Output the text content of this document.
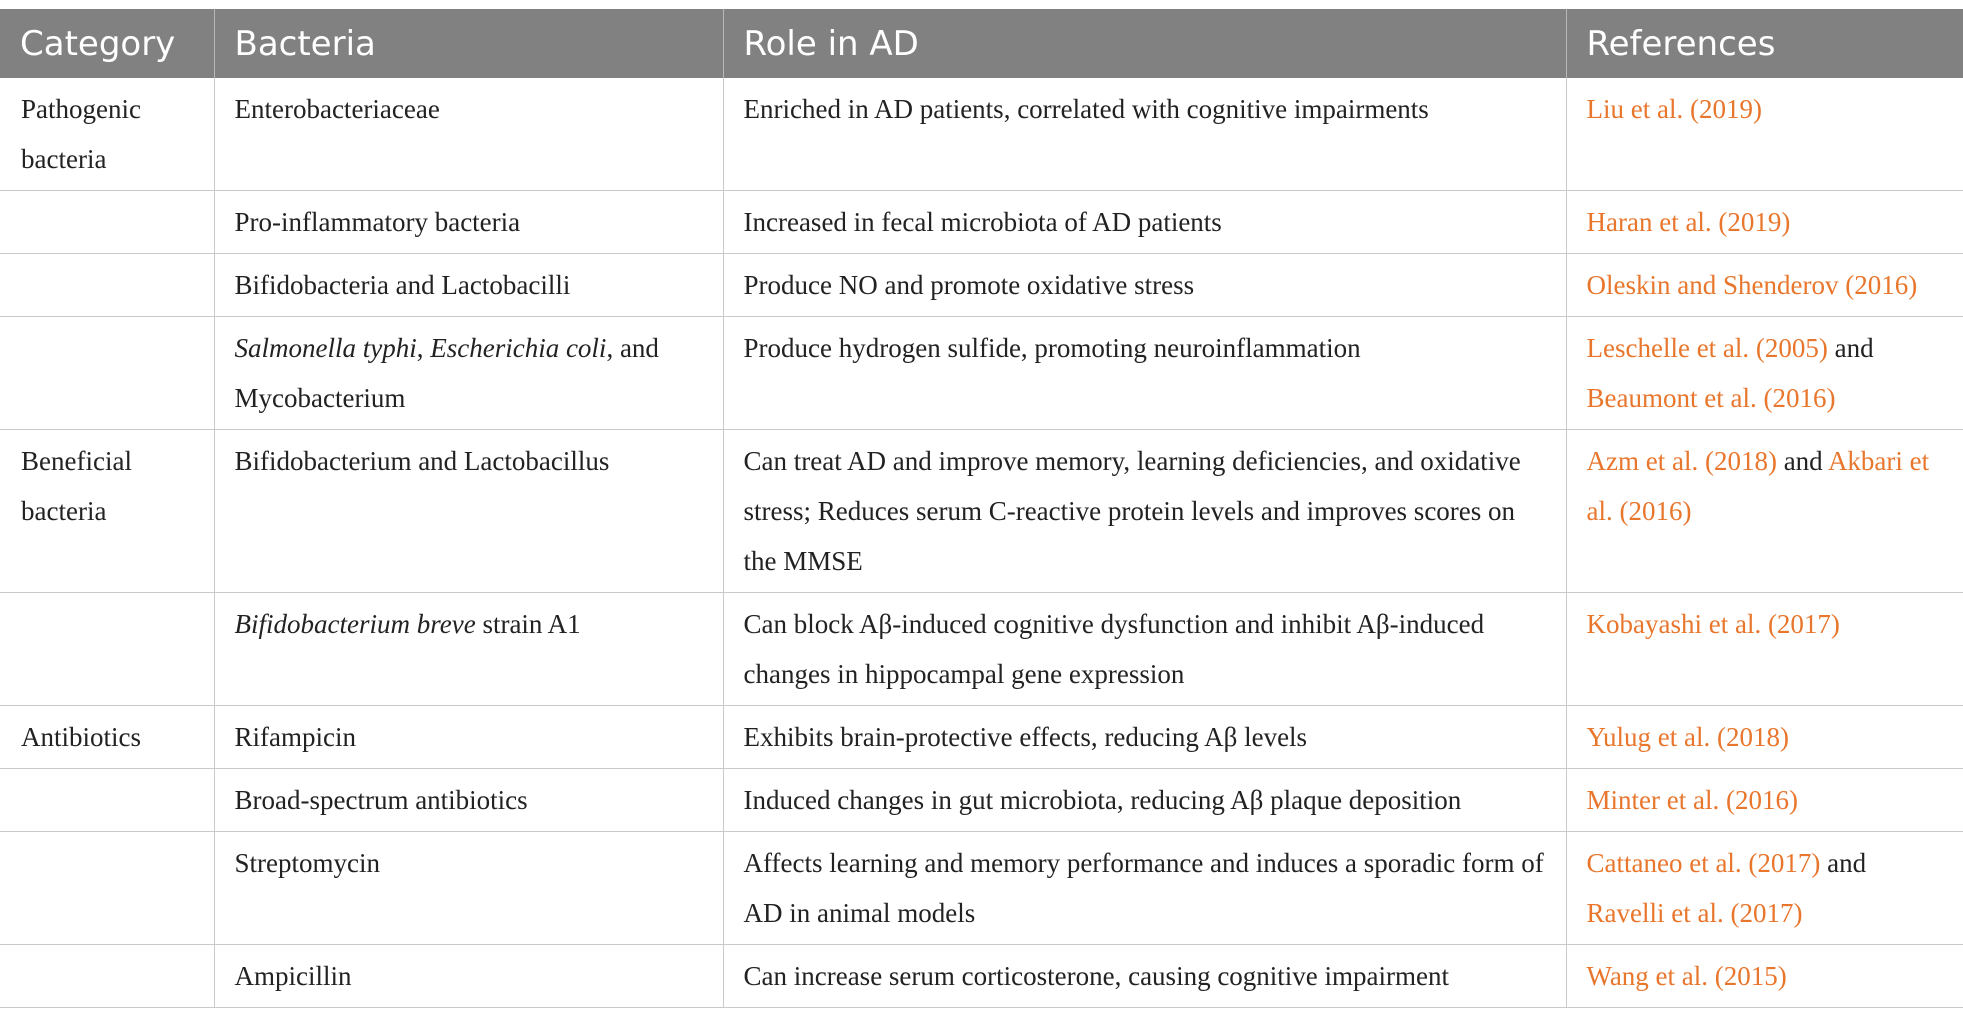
Category	Bacteria	Role in AD	References
Pathogenic bacteria	Enterobacteriaceae	Enriched in AD patients, correlated with cognitive impairments	Liu et al. (2019)
	Pro-inflammatory bacteria	Increased in fecal microbiota of AD patients	Haran et al. (2019)
	Bifidobacteria and Lactobacilli	Produce NO and promote oxidative stress	Oleskin and Shenderov (2016)
	Salmonella typhi, Escherichia coli, and Mycobacterium	Produce hydrogen sulfide, promoting neuroinflammation	Leschelle et al. (2005) and Beaumont et al. (2016)
Beneficial bacteria	Bifidobacterium and Lactobacillus	Can treat AD and improve memory, learning deficiencies, and oxidative stress; Reduces serum C-reactive protein levels and improves scores on the MMSE	Azm et al. (2018) and Akbari et al. (2016)
	Bifidobacterium breve strain A1	Can block Aβ-induced cognitive dysfunction and inhibit Aβ-induced changes in hippocampal gene expression	Kobayashi et al. (2017)
Antibiotics	Rifampicin	Exhibits brain-protective effects, reducing Aβ levels	Yulug et al. (2018)
	Broad-spectrum antibiotics	Induced changes in gut microbiota, reducing Aβ plaque deposition	Minter et al. (2016)
	Streptomycin	Affects learning and memory performance and induces a sporadic form of AD in animal models	Cattaneo et al. (2017) and Ravelli et al. (2017)
	Ampicillin	Can increase serum corticosterone, causing cognitive impairment	Wang et al. (2015)
